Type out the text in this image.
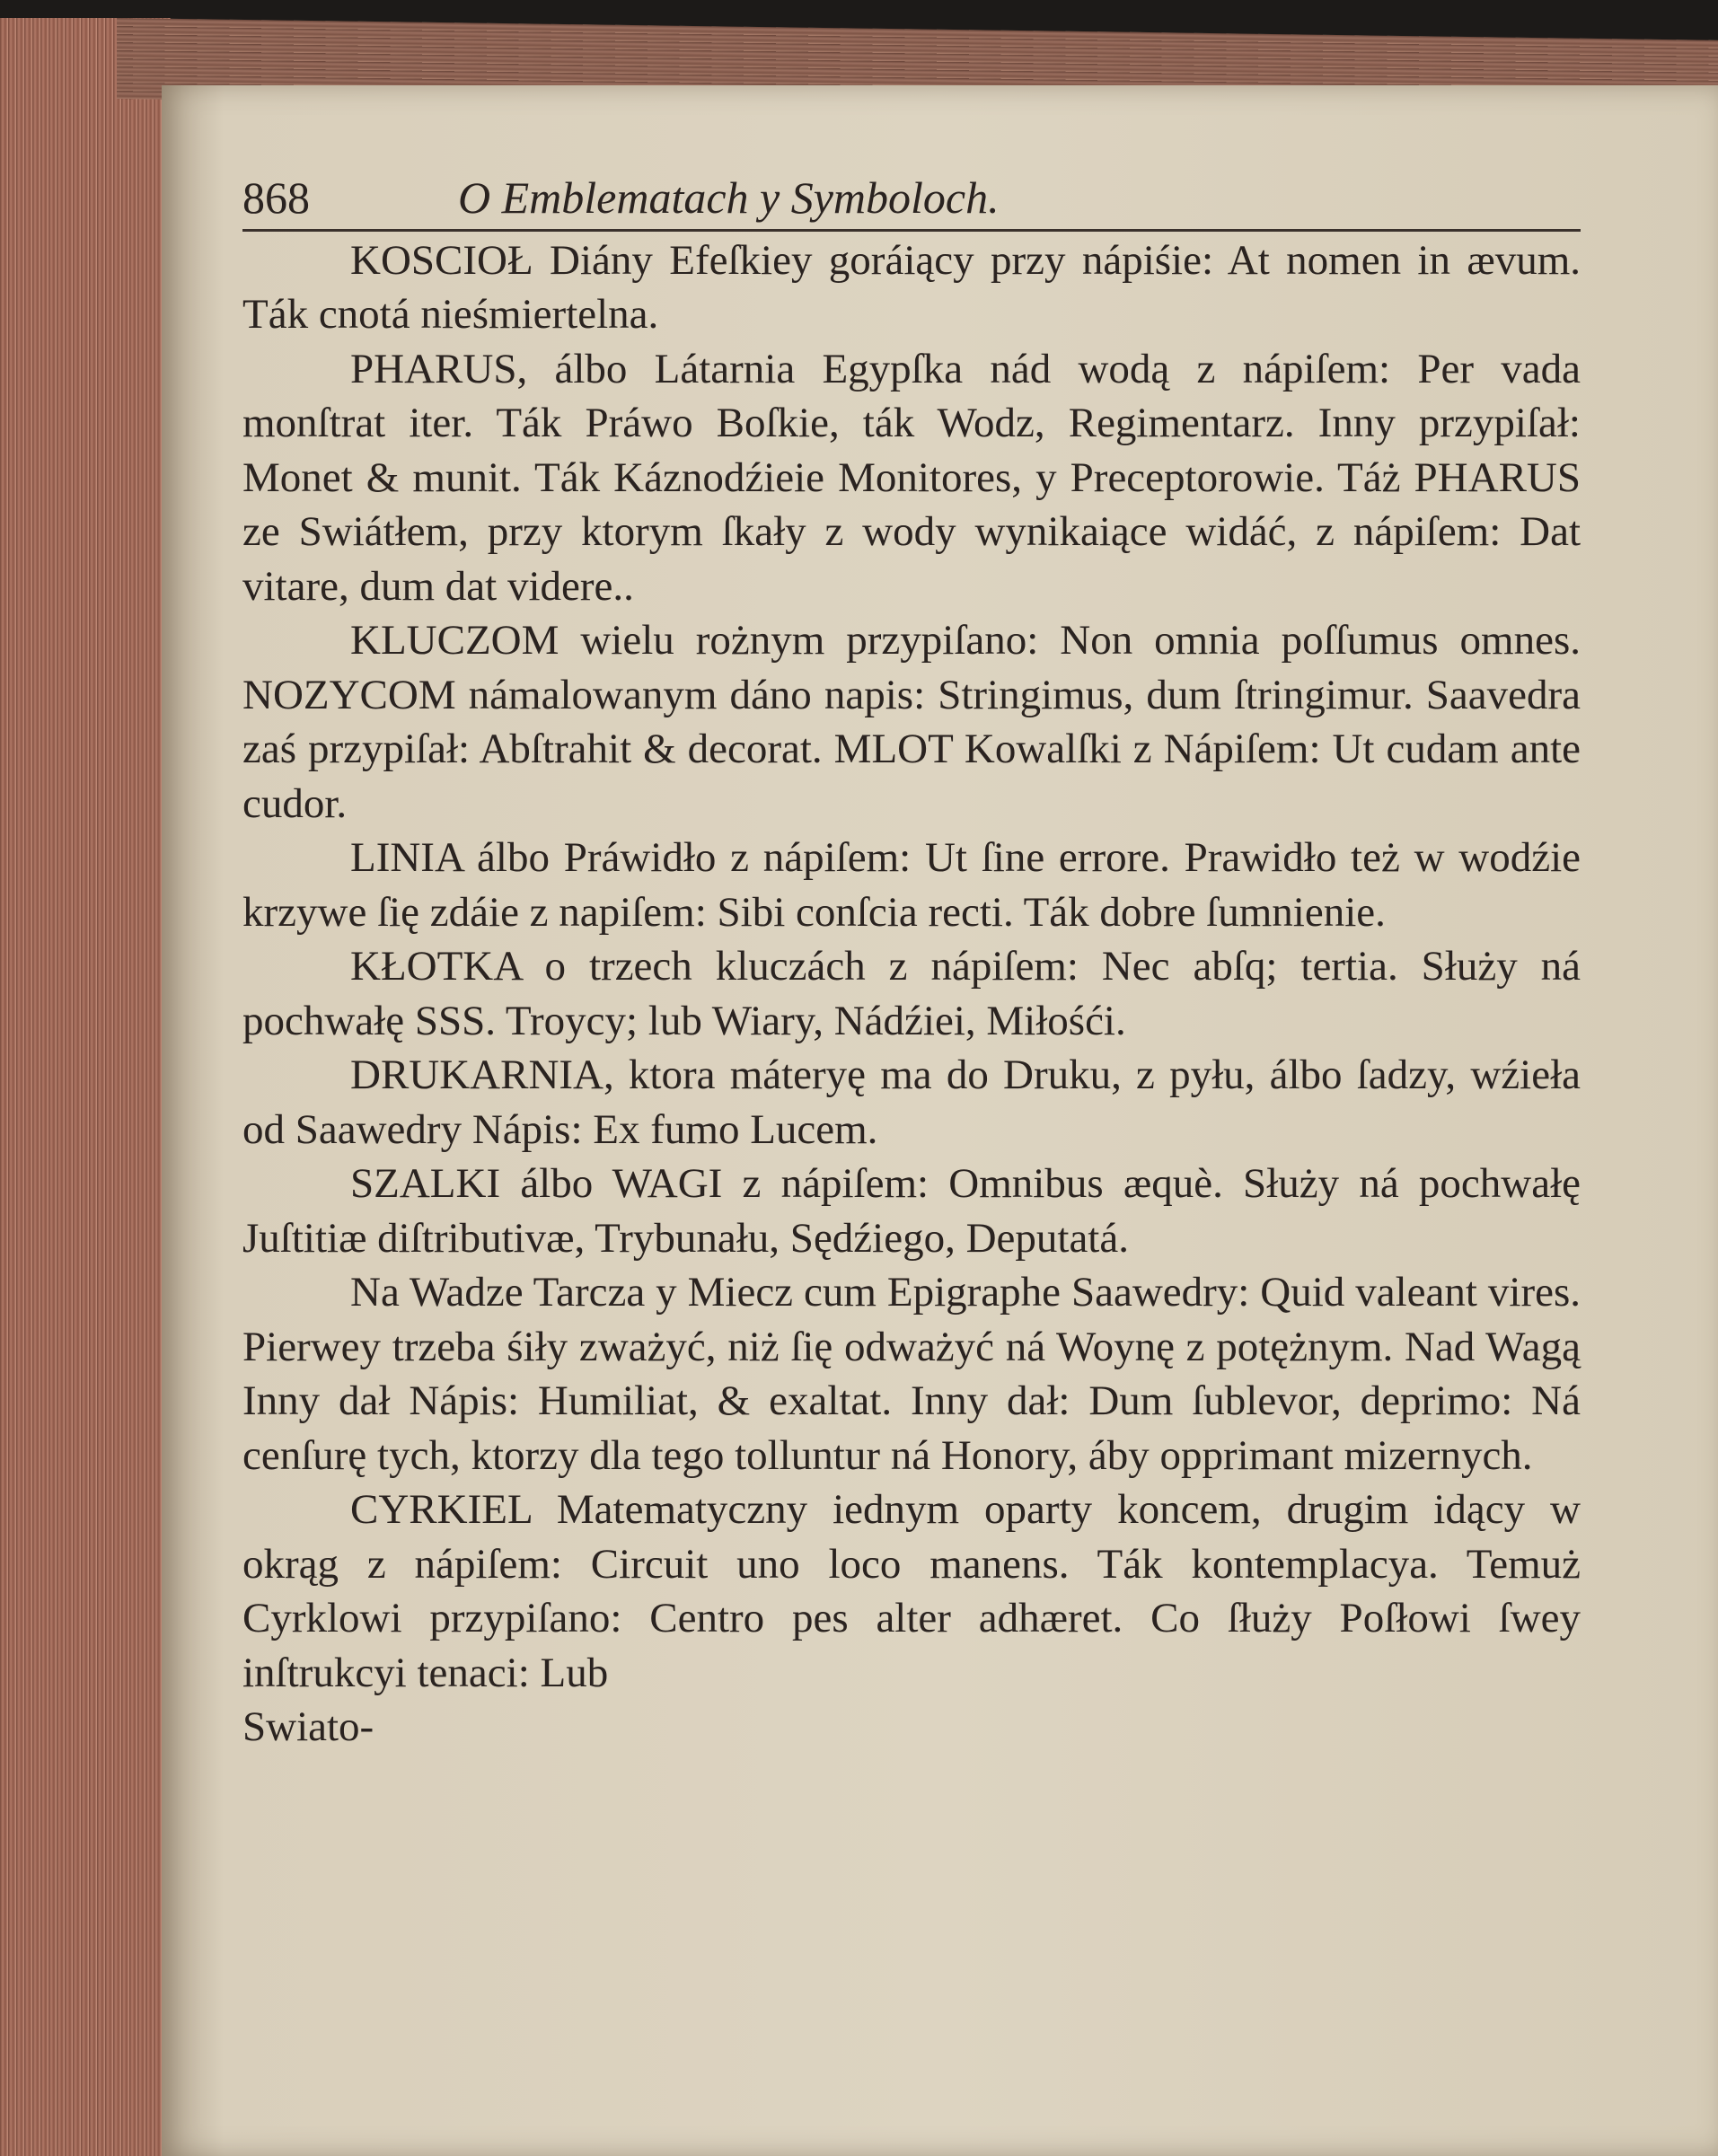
868	O Emblematach y Symboloch.

KOSCIOŁ Diány Efeſkiey goráiący przy nápiśie: At nomen in ævum. Ták cnotá nieśmiertelna.

PHARUS, álbo Látarnia Egypſka nád wodą z nápiſem: Per vada monſtrat iter. Ták Práwo Boſkie, ták Wodz, Regimentarz. Inny przypiſał: Monet & munit. Ták Káznodźieie Monitores, y Preceptorowie. Táż PHARUS ze Swiátłem, przy ktorym ſkały z wody wynikaiące widáć, z nápiſem: Dat vitare, dum dat videre..

KLUCZOM wielu rożnym przypiſano: Non omnia poſſumus omnes. NOZYCOM námalowanym dáno napis: Stringimus, dum ſtringimur. Saavedra zaś przypiſał: Abſtrahit & decorat. MLOT Kowalſki z Nápiſem: Ut cudam ante cudor.

LINIA álbo Práwidło z nápiſem: Ut ſine errore. Prawidło też w wodźie krzywe ſię zdáie z napiſem: Sibi conſcia recti. Ták dobre ſumnienie.

KŁOTKA o trzech kluczách z nápiſem: Nec abſq; tertia. Służy ná pochwałę SSS. Troycy; lub Wiary, Nádźiei, Miłośći.

DRUKARNIA, ktora máteryę ma do Druku, z pyłu, álbo ſadzy, wźieła od Saawedry Nápis: Ex fumo Lucem.

SZALKI álbo WAGI z nápiſem: Omnibus æquè. Służy ná pochwałę Juſtitiæ diſtributivæ, Trybunału, Sędźiego, Deputatá.

Na Wadze Tarcza y Miecz cum Epigraphe Saawedry: Quid valeant vires. Pierwey trzeba śiły zważyć, niż ſię odważyć ná Woynę z potężnym. Nad Wagą Inny dał Nápis: Humiliat, & exaltat. Inny dał: Dum ſublevor, deprimo: Ná cenſurę tych, ktorzy dla tego tolluntur ná Honory, áby opprimant mizernych.

CYRKIEL Matematyczny iednym oparty koncem, drugim idący w okrąg z nápiſem: Circuit uno loco manens. Ták kontemplacya. Temuż Cyrklowi przypiſano: Centro pes alter adhæret. Co ſłuży Poſłowi ſwey inſtrukcyi tenaci: Lub

Swiato-
